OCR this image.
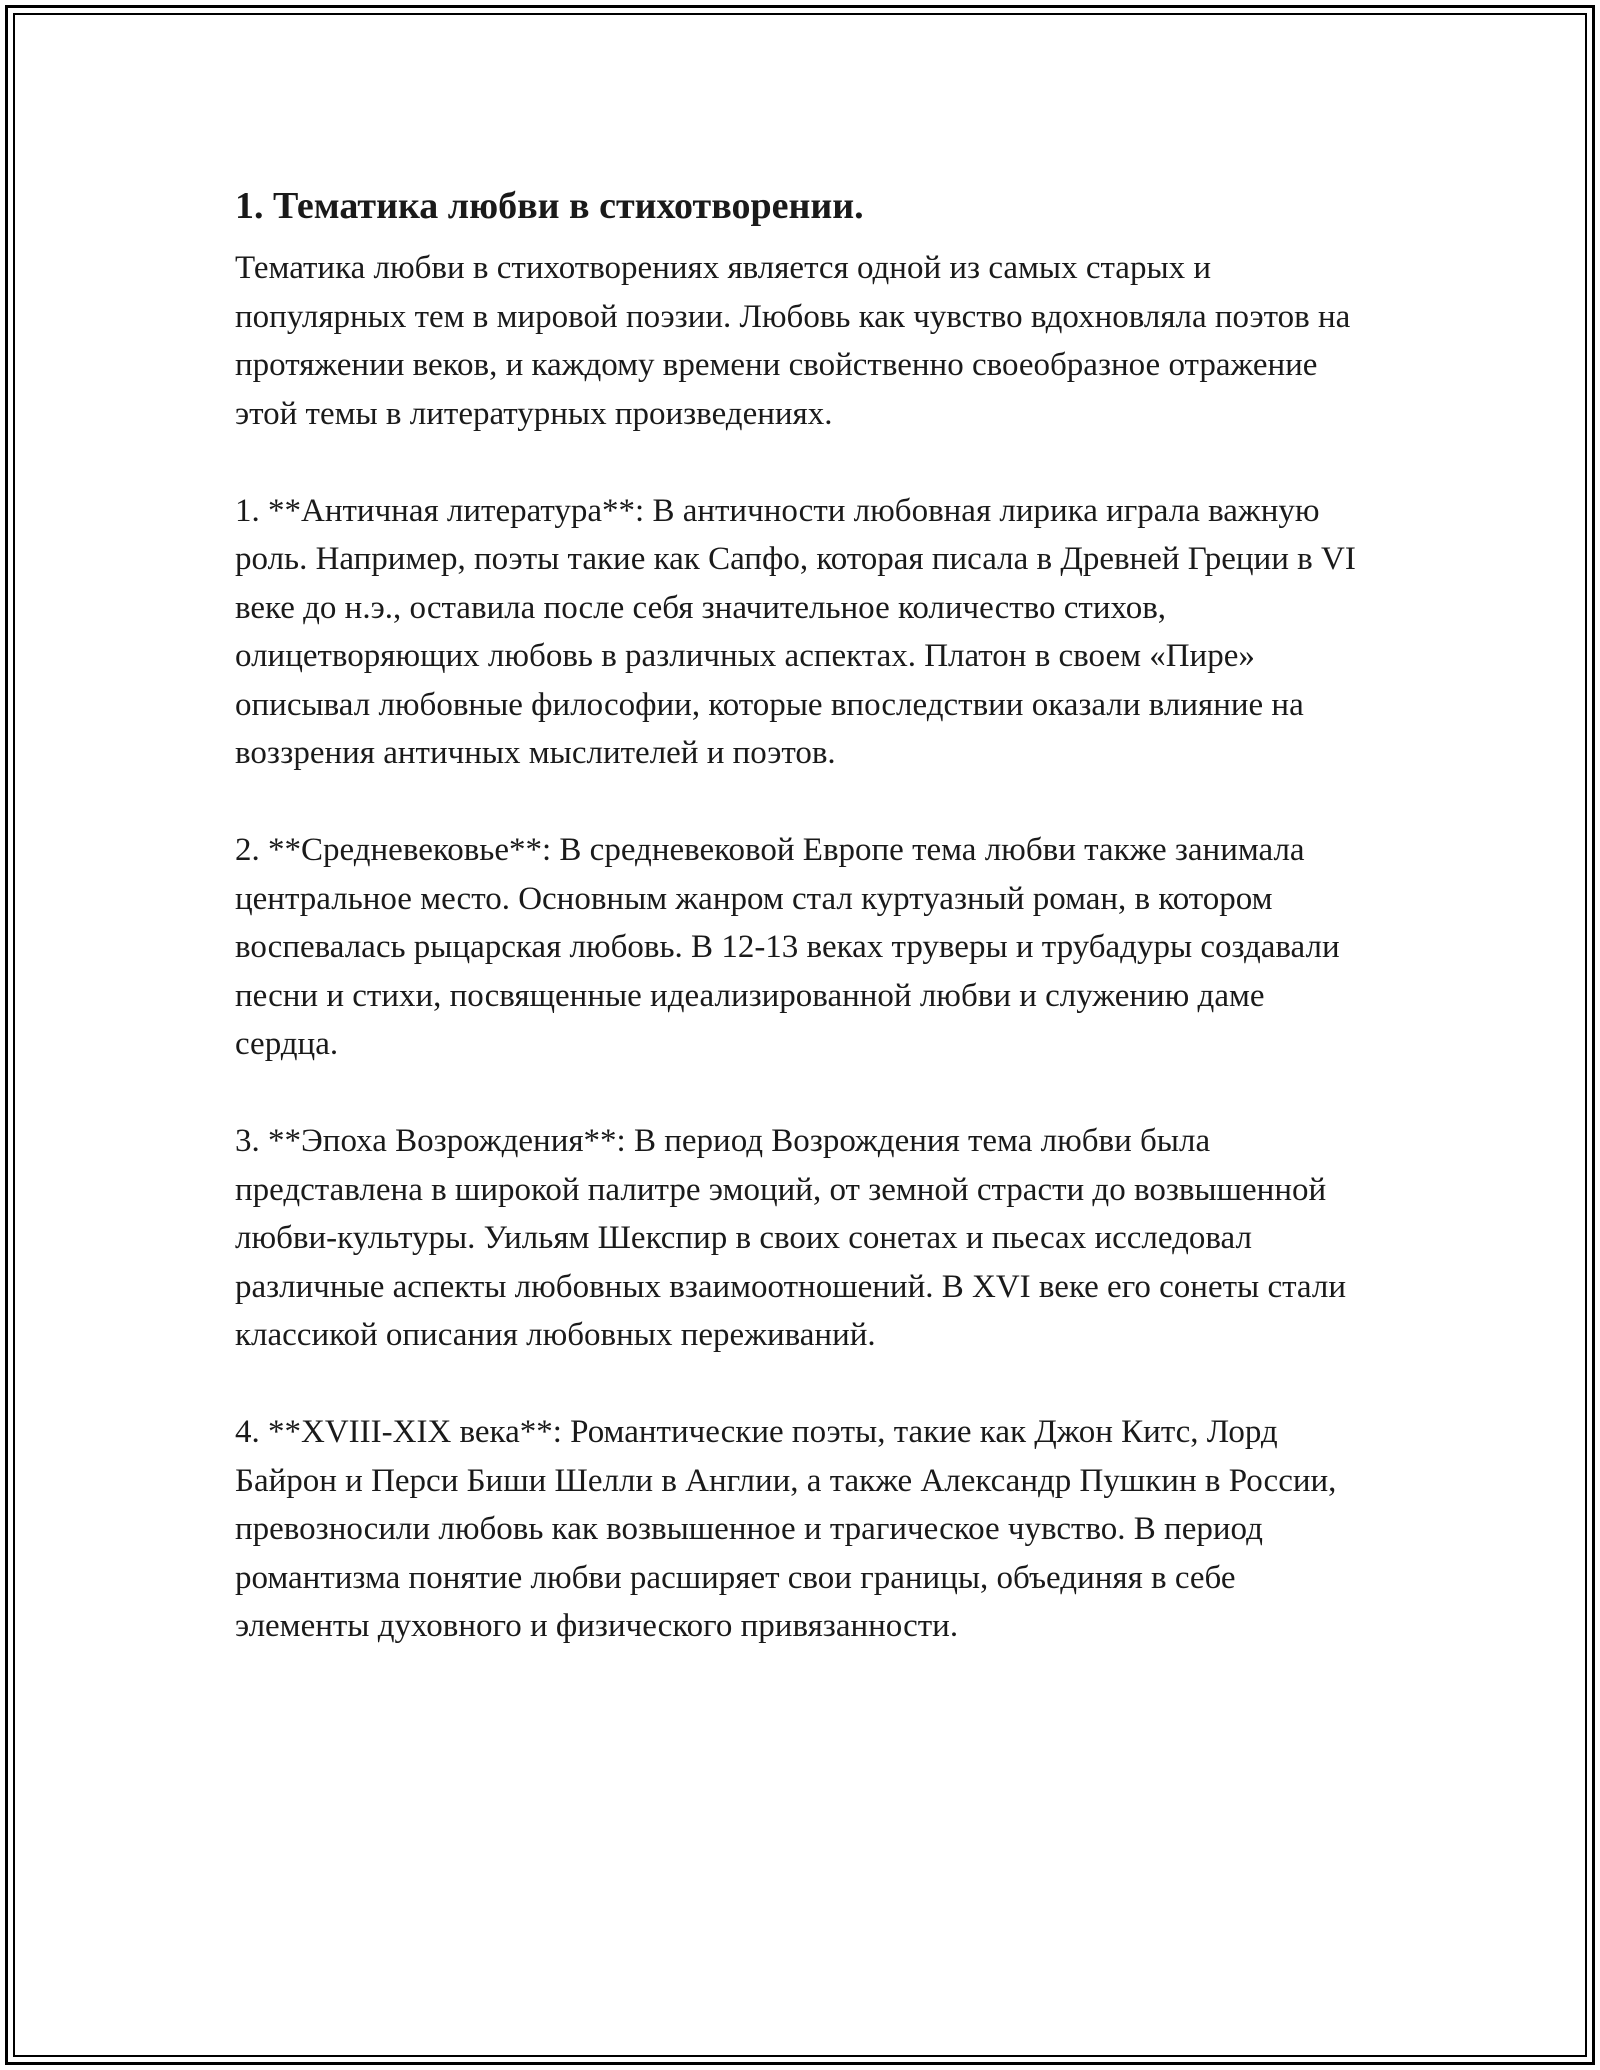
1. Тематика любви в стихотворении.

Тематика любви в стихотворениях является одной из самых старых и популярных тем в мировой поэзии. Любовь как чувство вдохновляла поэтов на протяжении веков, и каждому времени свойственно своеобразное отражение этой темы в литературных произведениях.

1. **Античная литература**: В античности любовная лирика играла важную роль. Например, поэты такие как Сапфо, которая писала в Древней Греции в VI веке до н.э., оставила после себя значительное количество стихов, олицетворяющих любовь в различных аспектах. Платон в своем «Пире» описывал любовные философии, которые впоследствии оказали влияние на воззрения античных мыслителей и поэтов.

2. **Средневековье**: В средневековой Европе тема любви также занимала центральное место. Основным жанром стал куртуазный роман, в котором воспевалась рыцарская любовь. В 12-13 веках труверы и трубадуры создавали песни и стихи, посвященные идеализированной любви и служению даме сердца.

3. **Эпоха Возрождения**: В период Возрождения тема любви была представлена в широкой палитре эмоций, от земной страсти до возвышенной любви-культуры. Уильям Шекспир в своих сонетах и пьесах исследовал различные аспекты любовных взаимоотношений. В XVI веке его сонеты стали классикой описания любовных переживаний.

4. **XVIII-XIX века**: Романтические поэты, такие как Джон Китс, Лорд Байрон и Перси Биши Шелли в Англии, а также Александр Пушкин в России, превозносили любовь как возвышенное и трагическое чувство. В период романтизма понятие любви расширяет свои границы, объединяя в себе элементы духовного и физического привязанности.
